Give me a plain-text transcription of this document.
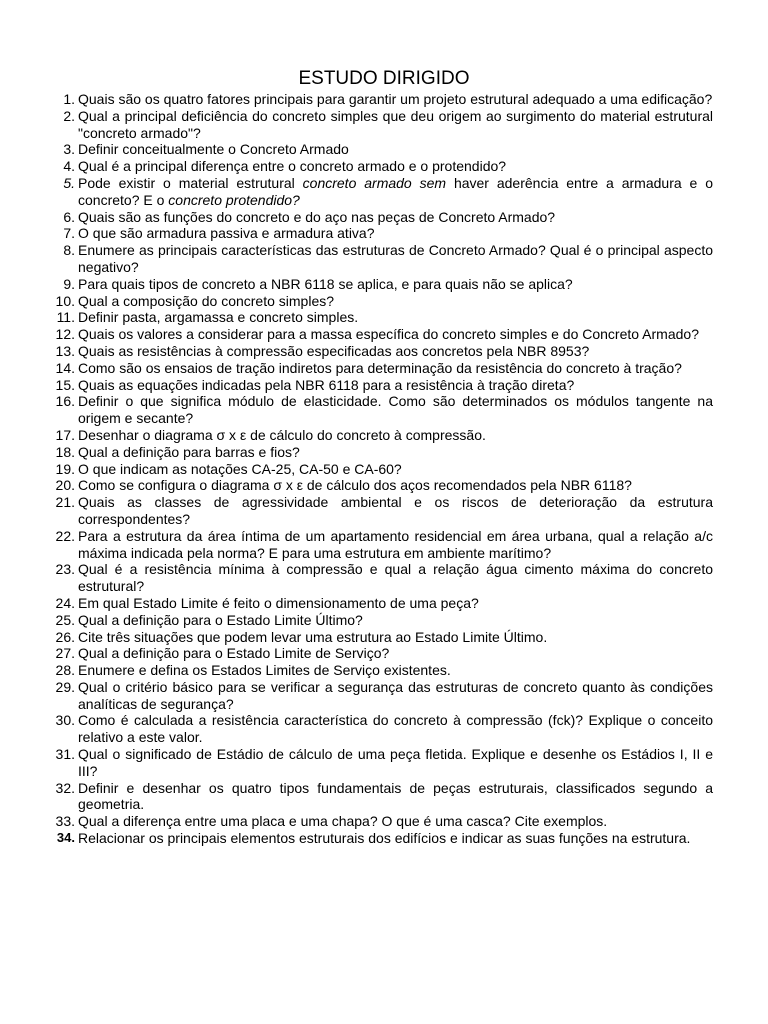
ESTUDO DIRIGIDO
1. Quais são os quatro fatores principais para garantir um projeto estrutural adequado a uma edificação?
2. Qual a principal deficiência do concreto simples que deu origem ao surgimento do material estrutural "concreto armado"?
3. Definir conceitualmente o Concreto Armado
4. Qual é a principal diferença entre o concreto armado e o protendido?
5. Pode existir o material estrutural concreto armado sem haver aderência entre a armadura e o concreto? E o concreto protendido?
6. Quais são as funções do concreto e do aço nas peças de Concreto Armado?
7. O que são armadura passiva e armadura ativa?
8. Enumere as principais características das estruturas de Concreto Armado? Qual é o principal aspecto negativo?
9. Para quais tipos de concreto a NBR 6118 se aplica, e para quais não se aplica?
10. Qual a composição do concreto simples?
11. Definir pasta, argamassa e concreto simples.
12. Quais os valores a considerar para a massa específica do concreto simples e do Concreto Armado?
13. Quais as resistências à compressão especificadas aos concretos pela NBR 8953?
14. Como são os ensaios de tração indiretos para determinação da resistência do concreto à tração?
15. Quais as equações indicadas pela NBR 6118 para a resistência à tração direta?
16. Definir o que significa módulo de elasticidade. Como são determinados os módulos tangente na origem e secante?
17. Desenhar o diagrama σ x ε de cálculo do concreto à compressão.
18. Qual a definição para barras e fios?
19. O que indicam as notações CA-25, CA-50 e CA-60?
20. Como se configura o diagrama σ x ε de cálculo dos aços recomendados pela NBR 6118?
21. Quais as classes de agressividade ambiental e os riscos de deterioração da estrutura correspondentes?
22. Para a estrutura da área íntima de um apartamento residencial em área urbana, qual a relação a/c máxima indicada pela norma? E para uma estrutura em ambiente marítimo?
23. Qual é a resistência mínima à compressão e qual a relação água cimento máxima do concreto estrutural?
24. Em qual Estado Limite é feito o dimensionamento de uma peça?
25. Qual a definição para o Estado Limite Último?
26. Cite três situações que podem levar uma estrutura ao Estado Limite Último.
27. Qual a definição para o Estado Limite de Serviço?
28. Enumere e defina os Estados Limites de Serviço existentes.
29. Qual o critério básico para se verificar a segurança das estruturas de concreto quanto às condições analíticas de segurança?
30. Como é calculada a resistência característica do concreto à compressão (fck)? Explique o conceito relativo a este valor.
31. Qual o significado de Estádio de cálculo de uma peça fletida. Explique e desenhe os Estádios I, II e III?
32. Definir e desenhar os quatro tipos fundamentais de peças estruturais, classificados segundo a geometria.
33. Qual a diferença entre uma placa e uma chapa? O que é uma casca? Cite exemplos.
34. Relacionar os principais elementos estruturais dos edifícios e indicar as suas funções na estrutura.
